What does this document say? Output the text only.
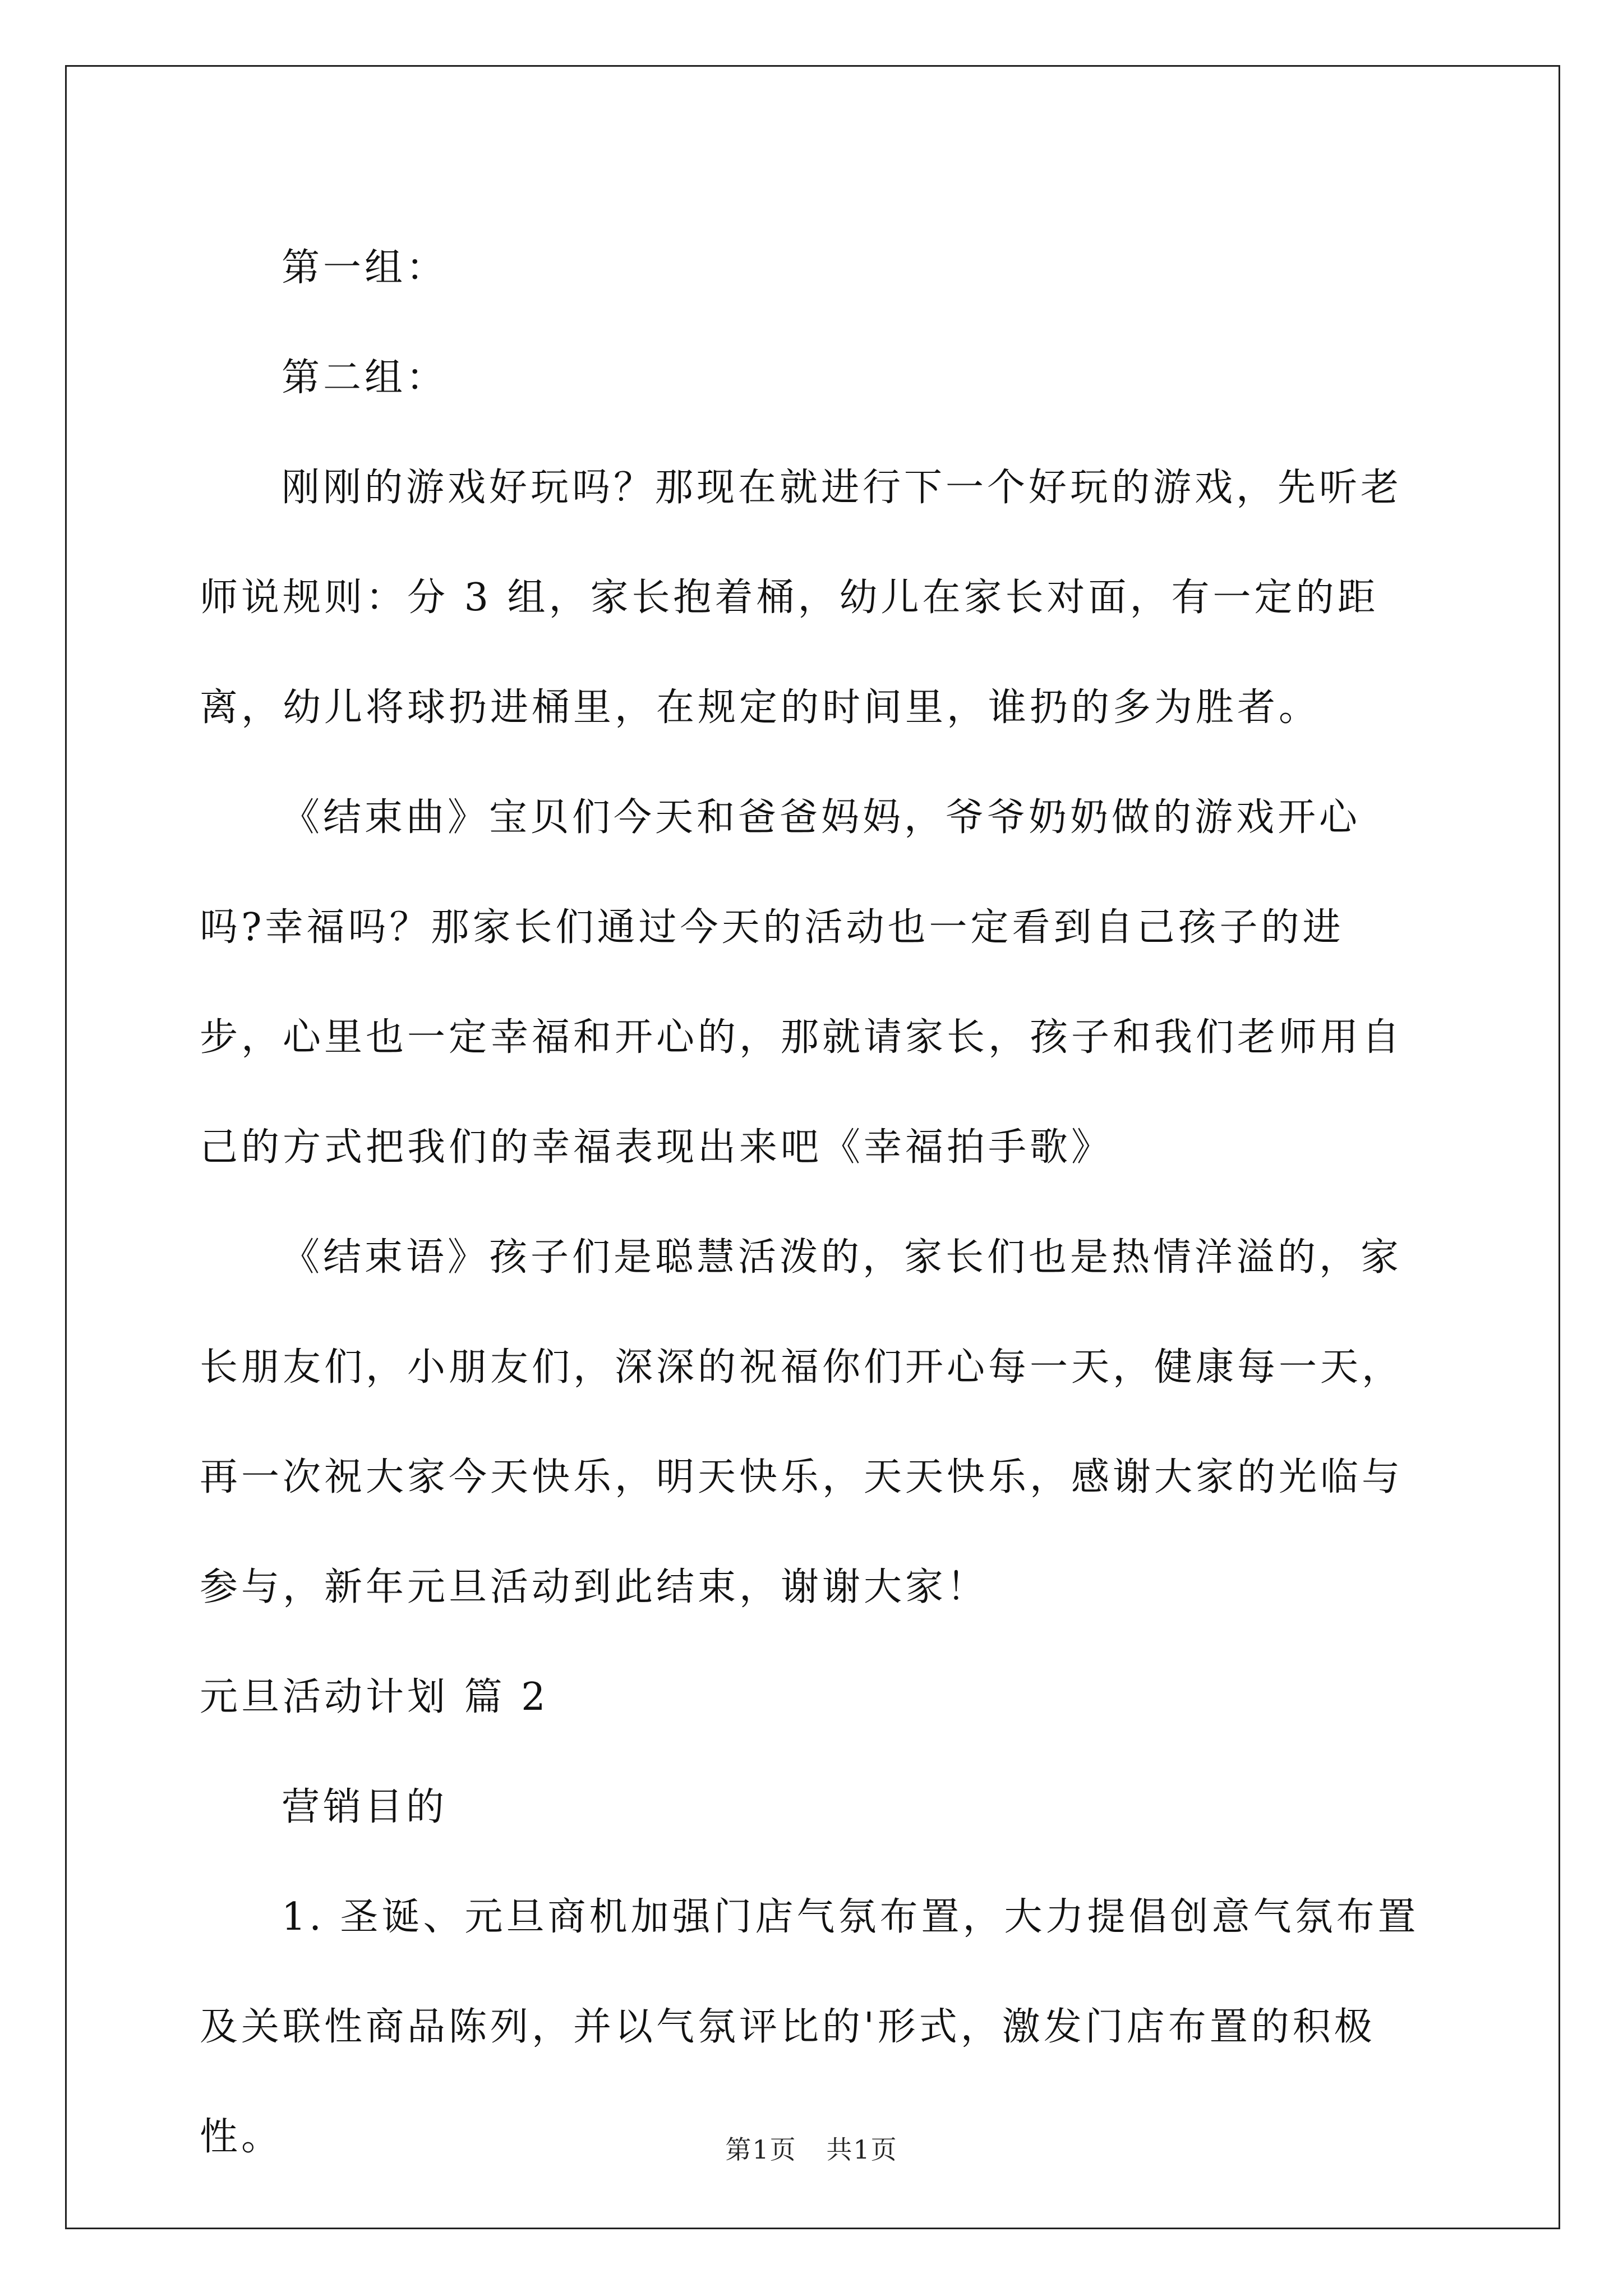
第一组：

第二组：

刚刚的游戏好玩吗？那现在就进行下一个好玩的游戏，先听老师说规则：分 3 组，家长抱着桶，幼儿在家长对面，有一定的距离，幼儿将球扔进桶里，在规定的时间里，谁扔的多为胜者。

《结束曲》宝贝们今天和爸爸妈妈，爷爷奶奶做的游戏开心吗?幸福吗？那家长们通过今天的活动也一定看到自己孩子的进步，心里也一定幸福和开心的，那就请家长，孩子和我们老师用自己的方式把我们的幸福表现出来吧《幸福拍手歌》

《结束语》孩子们是聪慧活泼的，家长们也是热情洋溢的，家长朋友们，小朋友们，深深的祝福你们开心每一天，健康每一天，再一次祝大家今天快乐，明天快乐，天天快乐，感谢大家的光临与参与，新年元旦活动到此结束，谢谢大家！

元旦活动计划 篇 2

营销目的

1. 圣诞、元旦商机加强门店气氛布置，大力提倡创意气氛布置及关联性商品陈列，并以气氛评比的'形式，激发门店布置的积极性。	第1页 共1页
